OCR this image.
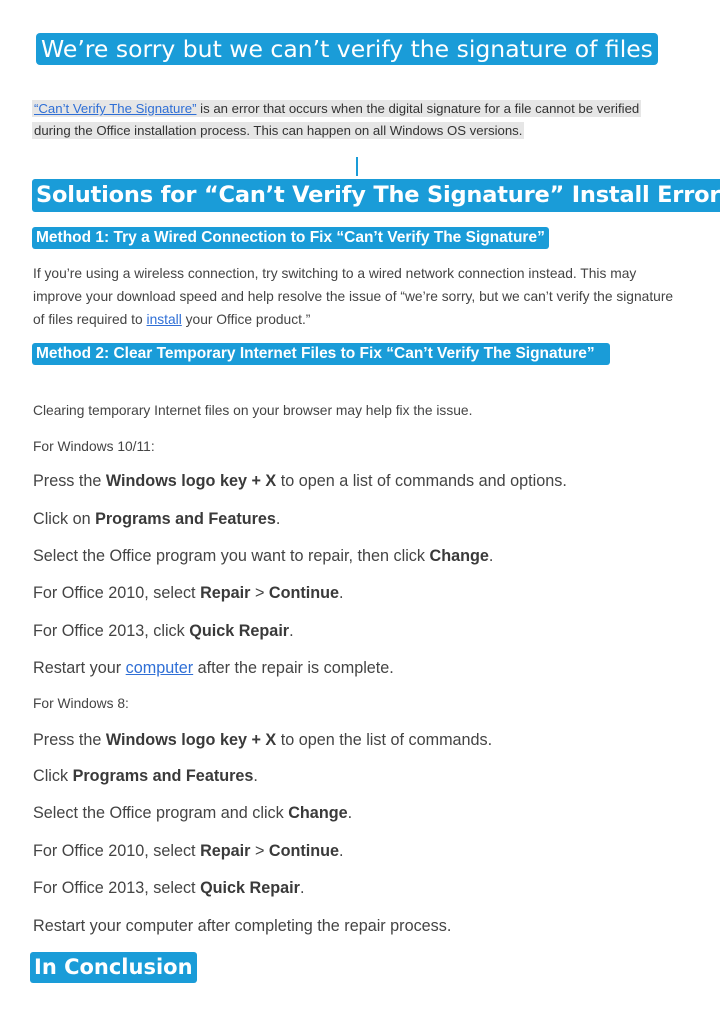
We’re sorry but we can’t verify the signature of files
“Can’t Verify The Signature” is an error that occurs when the digital signature for a file cannot be verified during the Office installation process. This can happen on all Windows OS versions.
Solutions for “Can’t Verify The Signature” Install Error
Method 1: Try a Wired Connection to Fix “Can’t Verify The Signature”
If you’re using a wireless connection, try switching to a wired network connection instead. This may improve your download speed and help resolve the issue of “we’re sorry, but we can’t verify the signature of files required to install your Office product.”
Method 2: Clear Temporary Internet Files to Fix “Can’t Verify The Signature”
Clearing temporary Internet files on your browser may help fix the issue.
For Windows 10/11:
Press the Windows logo key + X to open a list of commands and options.
Click on Programs and Features.
Select the Office program you want to repair, then click Change.
For Office 2010, select Repair > Continue.
For Office 2013, click Quick Repair.
Restart your computer after the repair is complete.
For Windows 8:
Press the Windows logo key + X to open the list of commands.
Click Programs and Features.
Select the Office program and click Change.
For Office 2010, select Repair > Continue.
For Office 2013, select Quick Repair.
Restart your computer after completing the repair process.
In Conclusion
